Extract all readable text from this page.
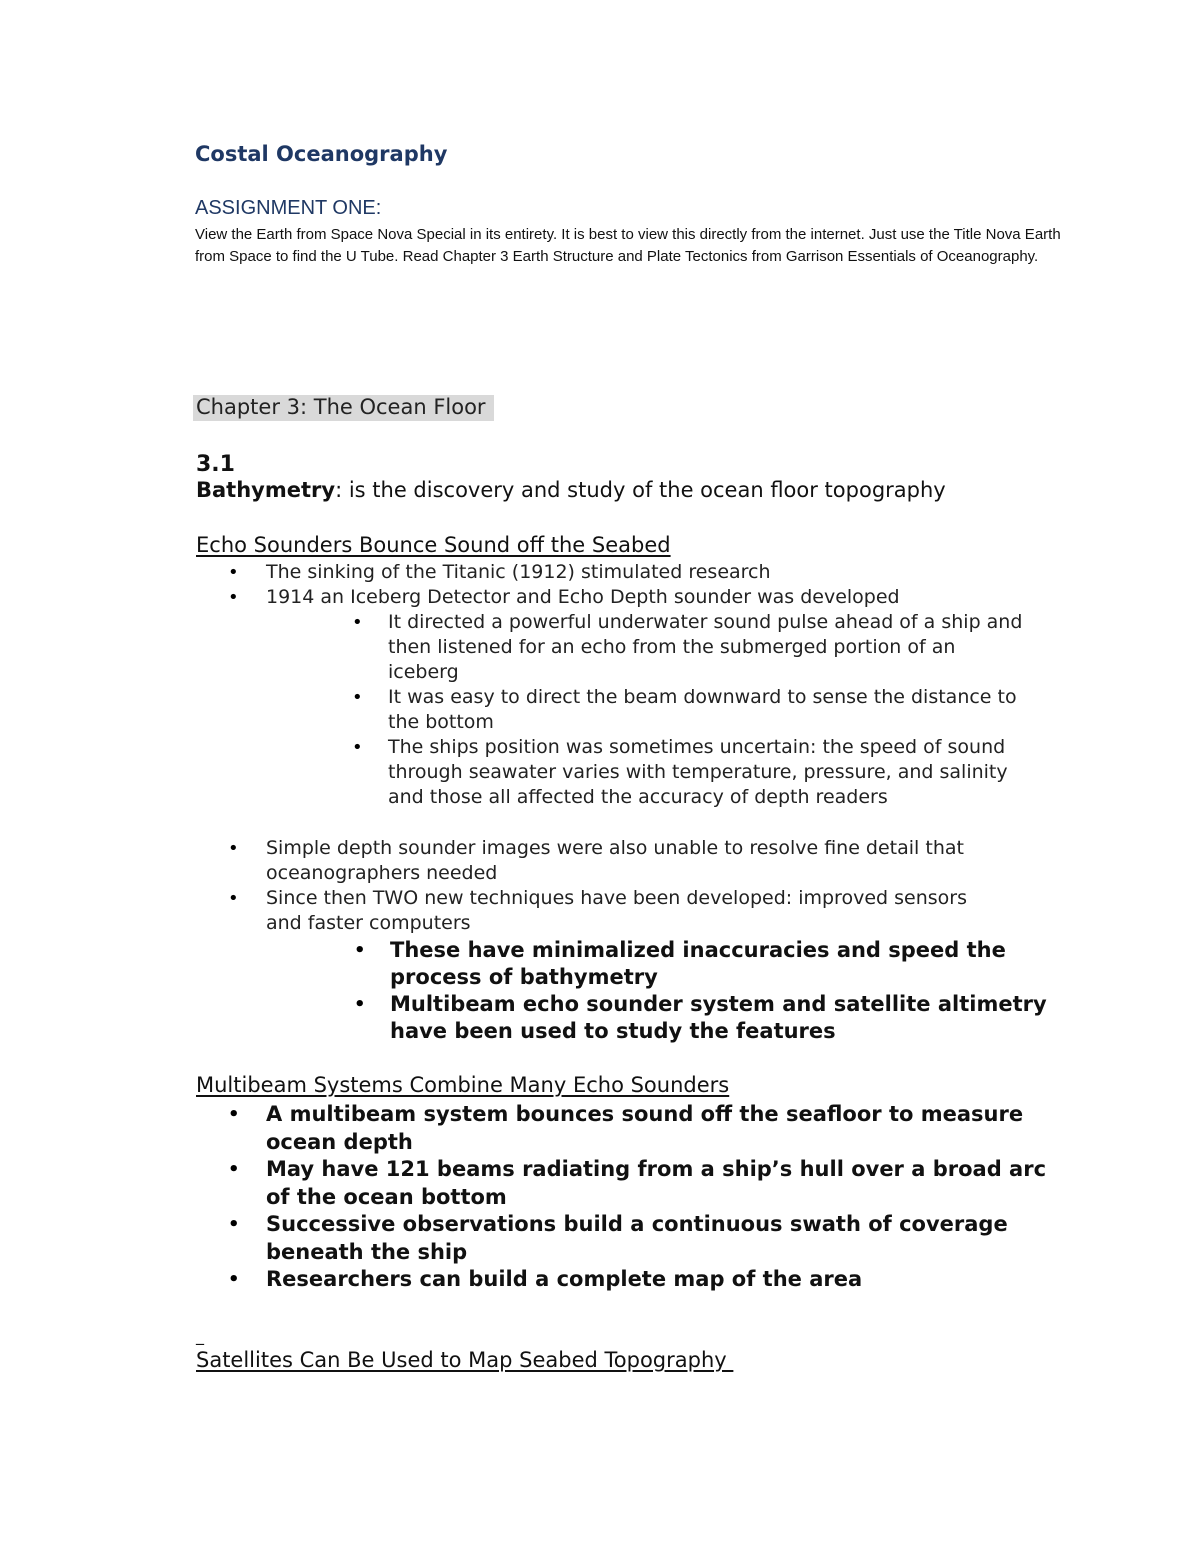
Costal Oceanography
ASSIGNMENT ONE:
View the Earth from Space Nova Special in its entirety. It is best to view this directly from the internet. Just use the Title Nova Earth from Space to find the U Tube. Read Chapter 3 Earth Structure and Plate Tectonics from Garrison Essentials of Oceanography.
Chapter 3: The Ocean Floor
3.1
Bathymetry: is the discovery and study of the ocean floor topography
Echo Sounders Bounce Sound off the Seabed
• The sinking of the Titanic (1912) stimulated research
• 1914 an Iceberg Detector and Echo Depth sounder was developed
• It directed a powerful underwater sound pulse ahead of a ship and then listened for an echo from the submerged portion of an iceberg
• It was easy to direct the beam downward to sense the distance to the bottom
• The ships position was sometimes uncertain: the speed of sound through seawater varies with temperature, pressure, and salinity and those all affected the accuracy of depth readers
• Simple depth sounder images were also unable to resolve fine detail that oceanographers needed
• Since then TWO new techniques have been developed: improved sensors and faster computers
• These have minimalized inaccuracies and speed the process of bathymetry
• Multibeam echo sounder system and satellite altimetry have been used to study the features
Multibeam Systems Combine Many Echo Sounders
• A multibeam system bounces sound off the seafloor to measure ocean depth
• May have 121 beams radiating from a ship’s hull over a broad arc of the ocean bottom
• Successive observations build a continuous swath of coverage beneath the ship
• Researchers can build a complete map of the area
_
Satellites Can Be Used to Map Seabed Topography
